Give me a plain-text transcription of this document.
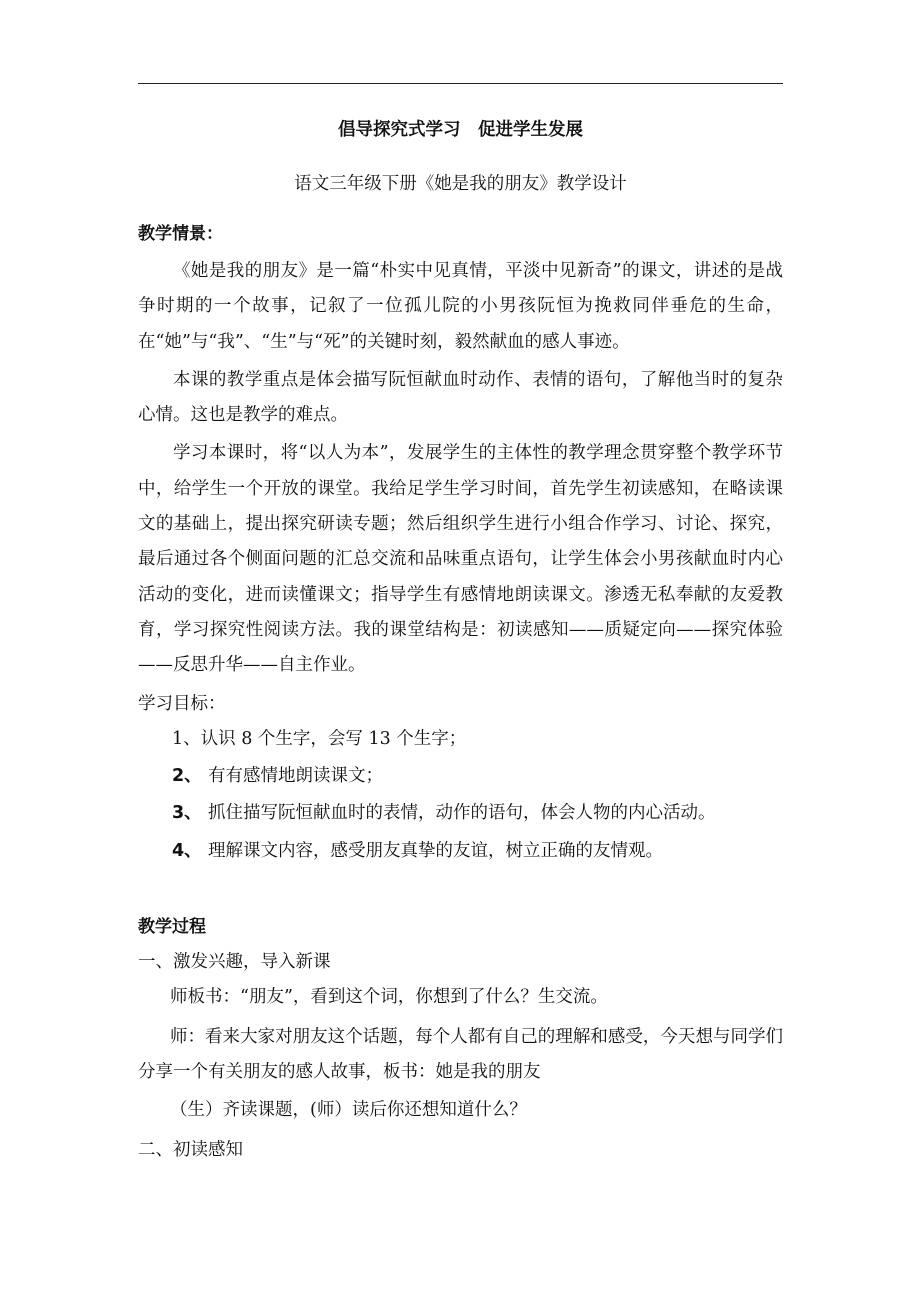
倡导探究式学习　促进学生发展
语文三年级下册《她是我的朋友》教学设计
教学情景：

《她是我的朋友》是一篇“朴实中见真情，平淡中见新奇”的课文，讲述的是战争时期的一个故事，记叙了一位孤儿院的小男孩阮恒为挽救同伴垂危的生命，在“她”与“我”、“生”与“死”的关键时刻，毅然献血的感人事迹。

本课的教学重点是体会描写阮恒献血时动作、表情的语句，了解他当时的复杂心情。这也是教学的难点。

学习本课时，将“以人为本”，发展学生的主体性的教学理念贯穿整个教学环节中，给学生一个开放的课堂。我给足学生学习时间，首先学生初读感知，在略读课文的基础上，提出探究研读专题；然后组织学生进行小组合作学习、讨论、探究，最后通过各个侧面问题的汇总交流和品味重点语句，让学生体会小男孩献血时内心活动的变化，进而读懂课文；指导学生有感情地朗读课文。渗透无私奉献的友爱教育，学习探究性阅读方法。我的课堂结构是：初读感知——质疑定向——探究体验——反思升华——自主作业。

学习目标：
1、认识 8 个生字，会写 13 个生字；
2、 有有感情地朗读课文；
3、 抓住描写阮恒献血时的表情，动作的语句，体会人物的内心活动。
4、 理解课文内容，感受朋友真挚的友谊，树立正确的友情观。
教学过程
一、激发兴趣，导入新课
师板书：“朋友”，看到这个词，你想到了什么？生交流。

师：看来大家对朋友这个话题，每个人都有自己的理解和感受，今天想与同学们分享一个有关朋友的感人故事，板书：她是我的朋友

（生）齐读课题，(师）读后你还想知道什么？
二、初读感知
